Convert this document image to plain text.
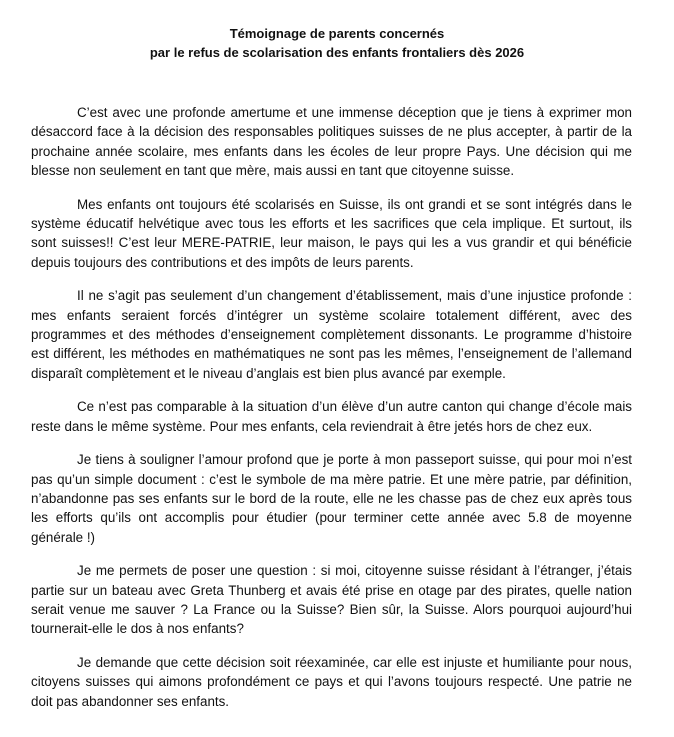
Témoignage de parents concernés
par le refus de scolarisation des enfants frontaliers dès 2026

C’est avec une profonde amertume et une immense déception que je tiens à exprimer mon désaccord face à la décision des responsables politiques suisses de ne plus accepter, à partir de la prochaine année scolaire, mes enfants dans les écoles de leur propre Pays. Une décision qui me blesse non seulement en tant que mère, mais aussi en tant que citoyenne suisse.

Mes enfants ont toujours été scolarisés en Suisse, ils ont grandi et se sont intégrés dans le système éducatif helvétique avec tous les efforts et les sacrifices que cela implique. Et surtout, ils sont suisses!! C’est leur MERE-PATRIE, leur maison, le pays qui les a vus grandir et qui bénéficie depuis toujours des contributions et des impôts de leurs parents.

Il ne s’agit pas seulement d’un changement d’établissement, mais d’une injustice profonde : mes enfants seraient forcés d’intégrer un système scolaire totalement différent, avec des programmes et des méthodes d’enseignement complètement dissonants. Le programme d’histoire est différent, les méthodes en mathématiques ne sont pas les mêmes, l’enseignement de l’allemand disparaît complètement et le niveau d’anglais est bien plus avancé par exemple.

Ce n’est pas comparable à la situation d’un élève d’un autre canton qui change d’école mais reste dans le même système. Pour mes enfants, cela reviendrait à être jetés hors de chez eux.

Je tiens à souligner l’amour profond que je porte à mon passeport suisse, qui pour moi n’est pas qu’un simple document : c’est le symbole de ma mère patrie. Et une mère patrie, par définition, n’abandonne pas ses enfants sur le bord de la route, elle ne les chasse pas de chez eux après tous les efforts qu’ils ont accomplis pour étudier (pour terminer cette année avec 5.8 de moyenne générale !)

Je me permets de poser une question : si moi, citoyenne suisse résidant à l’étranger, j’étais partie sur un bateau avec Greta Thunberg et avais été prise en otage par des pirates, quelle nation serait venue me sauver ? La France ou la Suisse? Bien sûr, la Suisse. Alors pourquoi aujourd’hui tournerait-elle le dos à nos enfants?

Je demande que cette décision soit réexaminée, car elle est injuste et humiliante pour nous, citoyens suisses qui aimons profondément ce pays et qui l’avons toujours respecté. Une patrie ne doit pas abandonner ses enfants.
